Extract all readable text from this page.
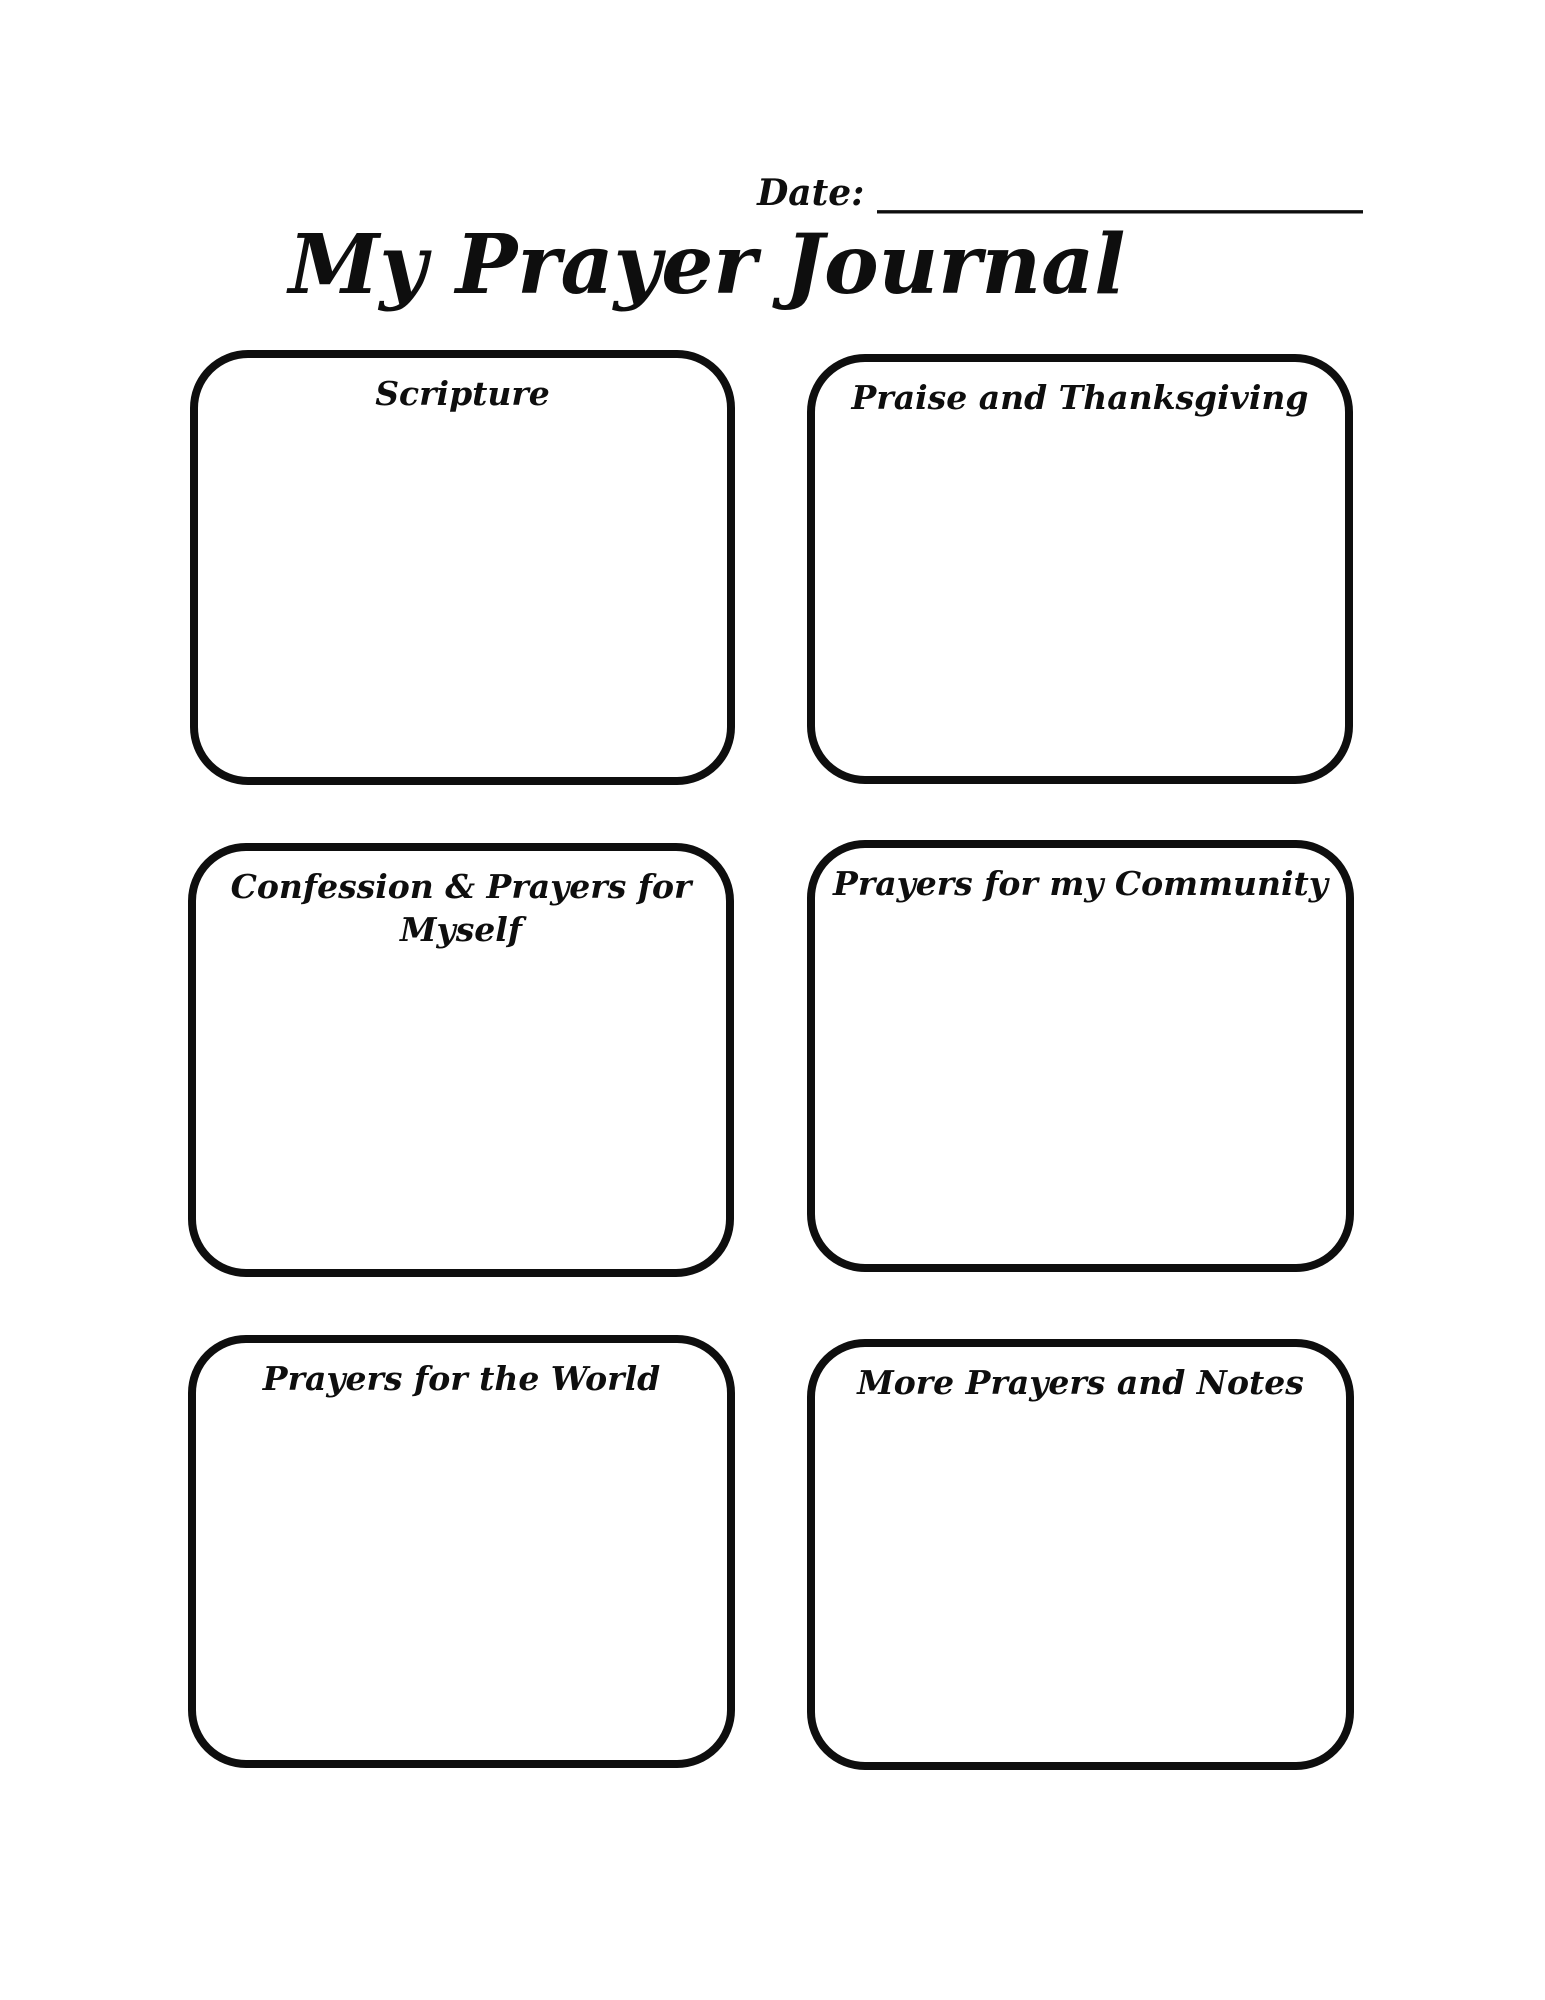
Date: ___________________________
My Prayer Journal
Scripture	Praise and Thanksgiving
Confession & Prayers for Myself
Prayers for my Community
Prayers for the World	More Prayers and Notes
